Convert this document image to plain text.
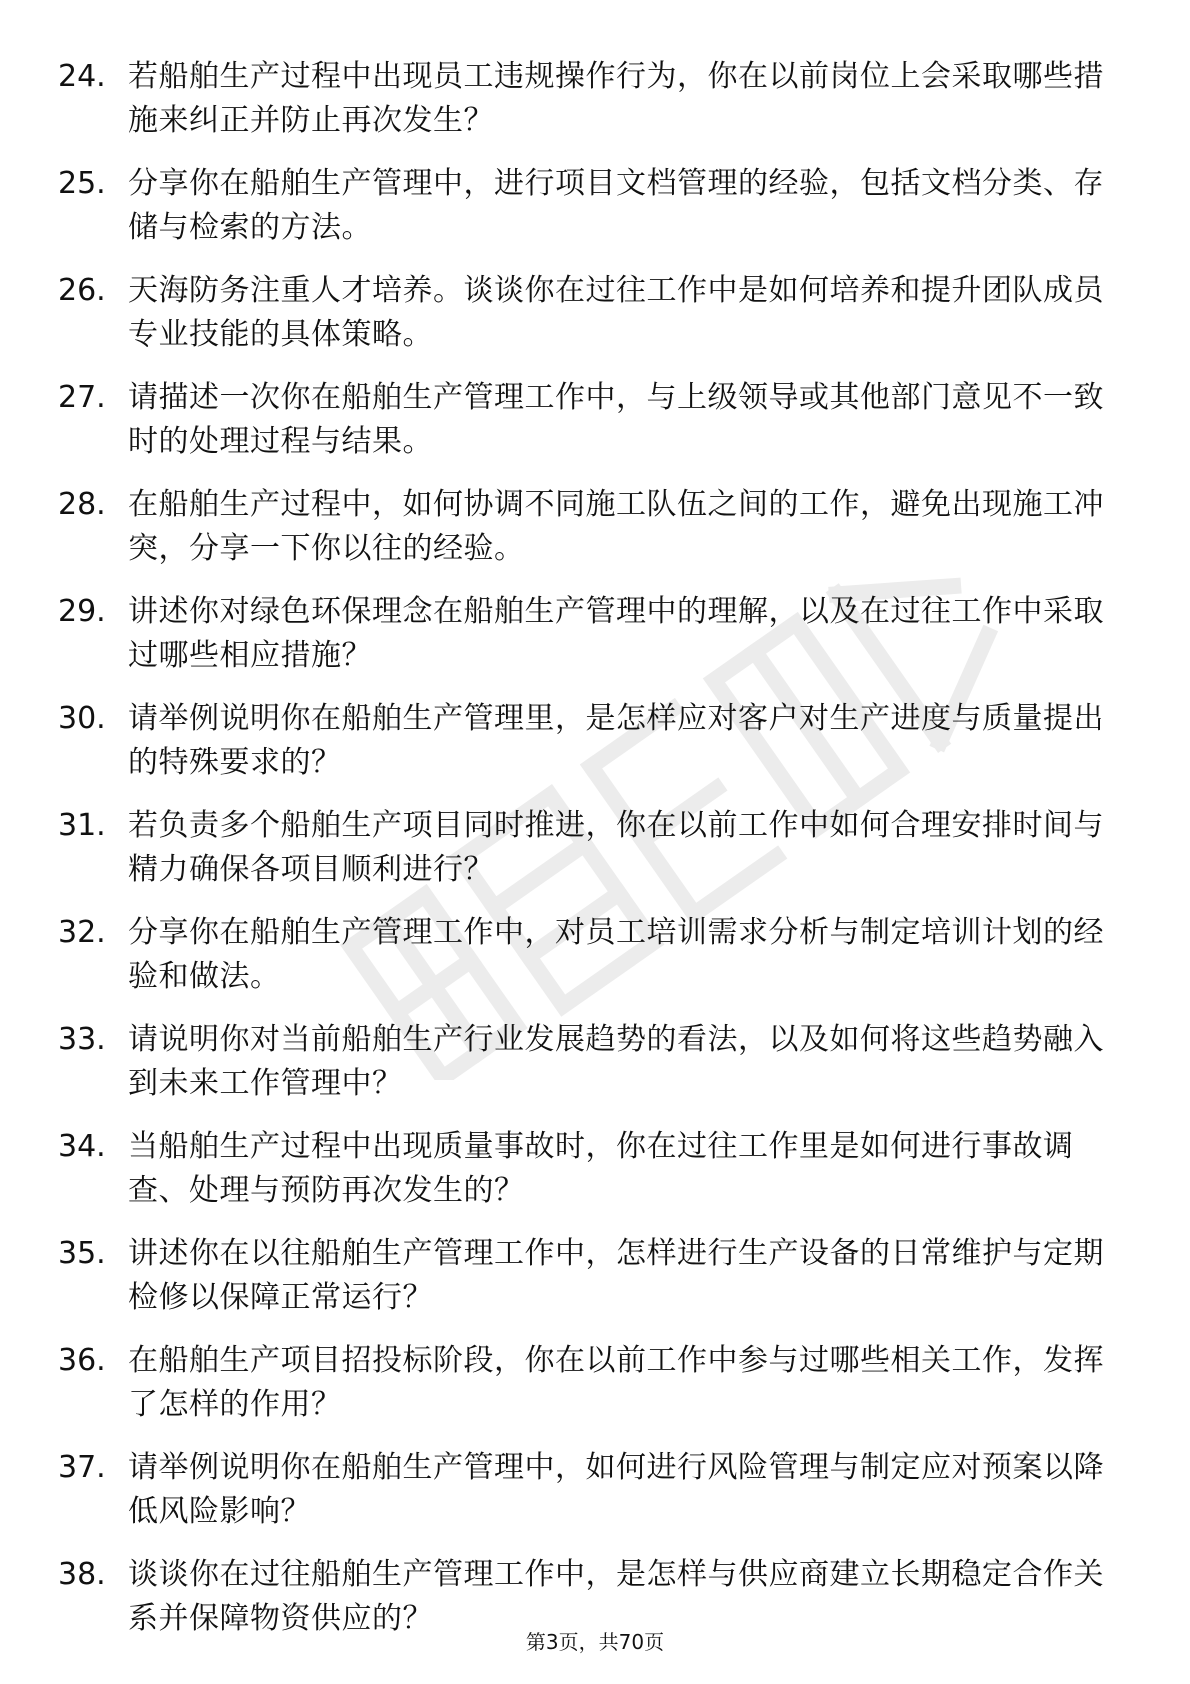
24. 若船舶生产过程中出现员工违规操作行为，你在以前岗位上会采取哪些措施来纠正并防止再次发生？
25. 分享你在船舶生产管理中，进行项目文档管理的经验，包括文档分类、存储与检索的方法。
26. 天海防务注重人才培养。谈谈你在过往工作中是如何培养和提升团队成员专业技能的具体策略。
27. 请描述一次你在船舶生产管理工作中，与上级领导或其他部门意见不一致时的处理过程与结果。
28. 在船舶生产过程中，如何协调不同施工队伍之间的工作，避免出现施工冲突，分享一下你以往的经验。
29. 讲述你对绿色环保理念在船舶生产管理中的理解，以及在过往工作中采取过哪些相应措施？
30. 请举例说明你在船舶生产管理里，是怎样应对客户对生产进度与质量提出的特殊要求的？
31. 若负责多个船舶生产项目同时推进，你在以前工作中如何合理安排时间与精力确保各项目顺利进行？
32. 分享你在船舶生产管理工作中，对员工培训需求分析与制定培训计划的经验和做法。
33. 请说明你对当前船舶生产行业发展趋势的看法，以及如何将这些趋势融入到未来工作管理中？
34. 当船舶生产过程中出现质量事故时，你在过往工作里是如何进行事故调查、处理与预防再次发生的？
35. 讲述你在以往船舶生产管理工作中，怎样进行生产设备的日常维护与定期检修以保障正常运行？
36. 在船舶生产项目招投标阶段，你在以前工作中参与过哪些相关工作，发挥了怎样的作用？
37. 请举例说明你在船舶生产管理中，如何进行风险管理与制定应对预案以降低风险影响？
38. 谈谈你在过往船舶生产管理工作中，是怎样与供应商建立长期稳定合作关系并保障物资供应的？
第3页，共70页
